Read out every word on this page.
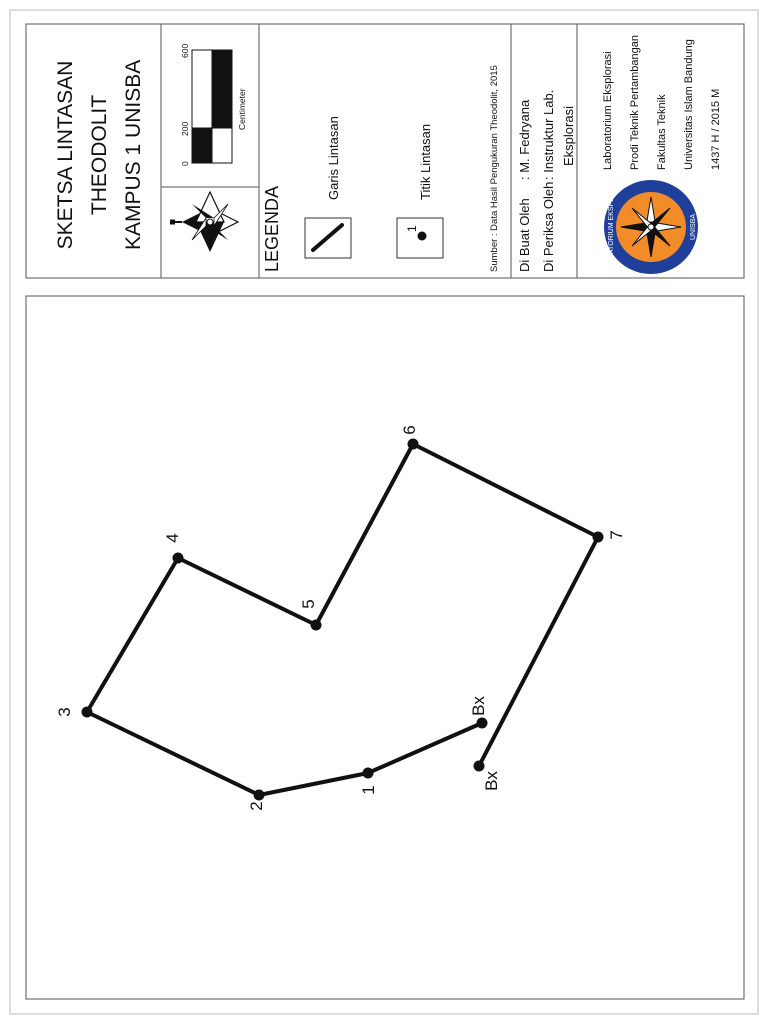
LABORATORIUM EKSPLORASI	UNISBA
Bx
1
2
3
4
5
6
7
Bx
SKETSA LINTASAN THEODOLIT KAMPUS 1 UNISBA	0
200
600
Centimeter
LEGENDA
Garis Lintasan	Titik Lintasan
1	Sumber : Data Hasil Pengukuran Theodolit, 2015 Di Buat Oleh
: M. Fedryana
Di Periksa Oleh
: Instruktur Lab. Eksplorasi	Laboratorium Eksplorasi	Prodi Teknik Pertambangan	Fakultas Teknik	Universitas Islam Bandung	1437 H / 2015 M
